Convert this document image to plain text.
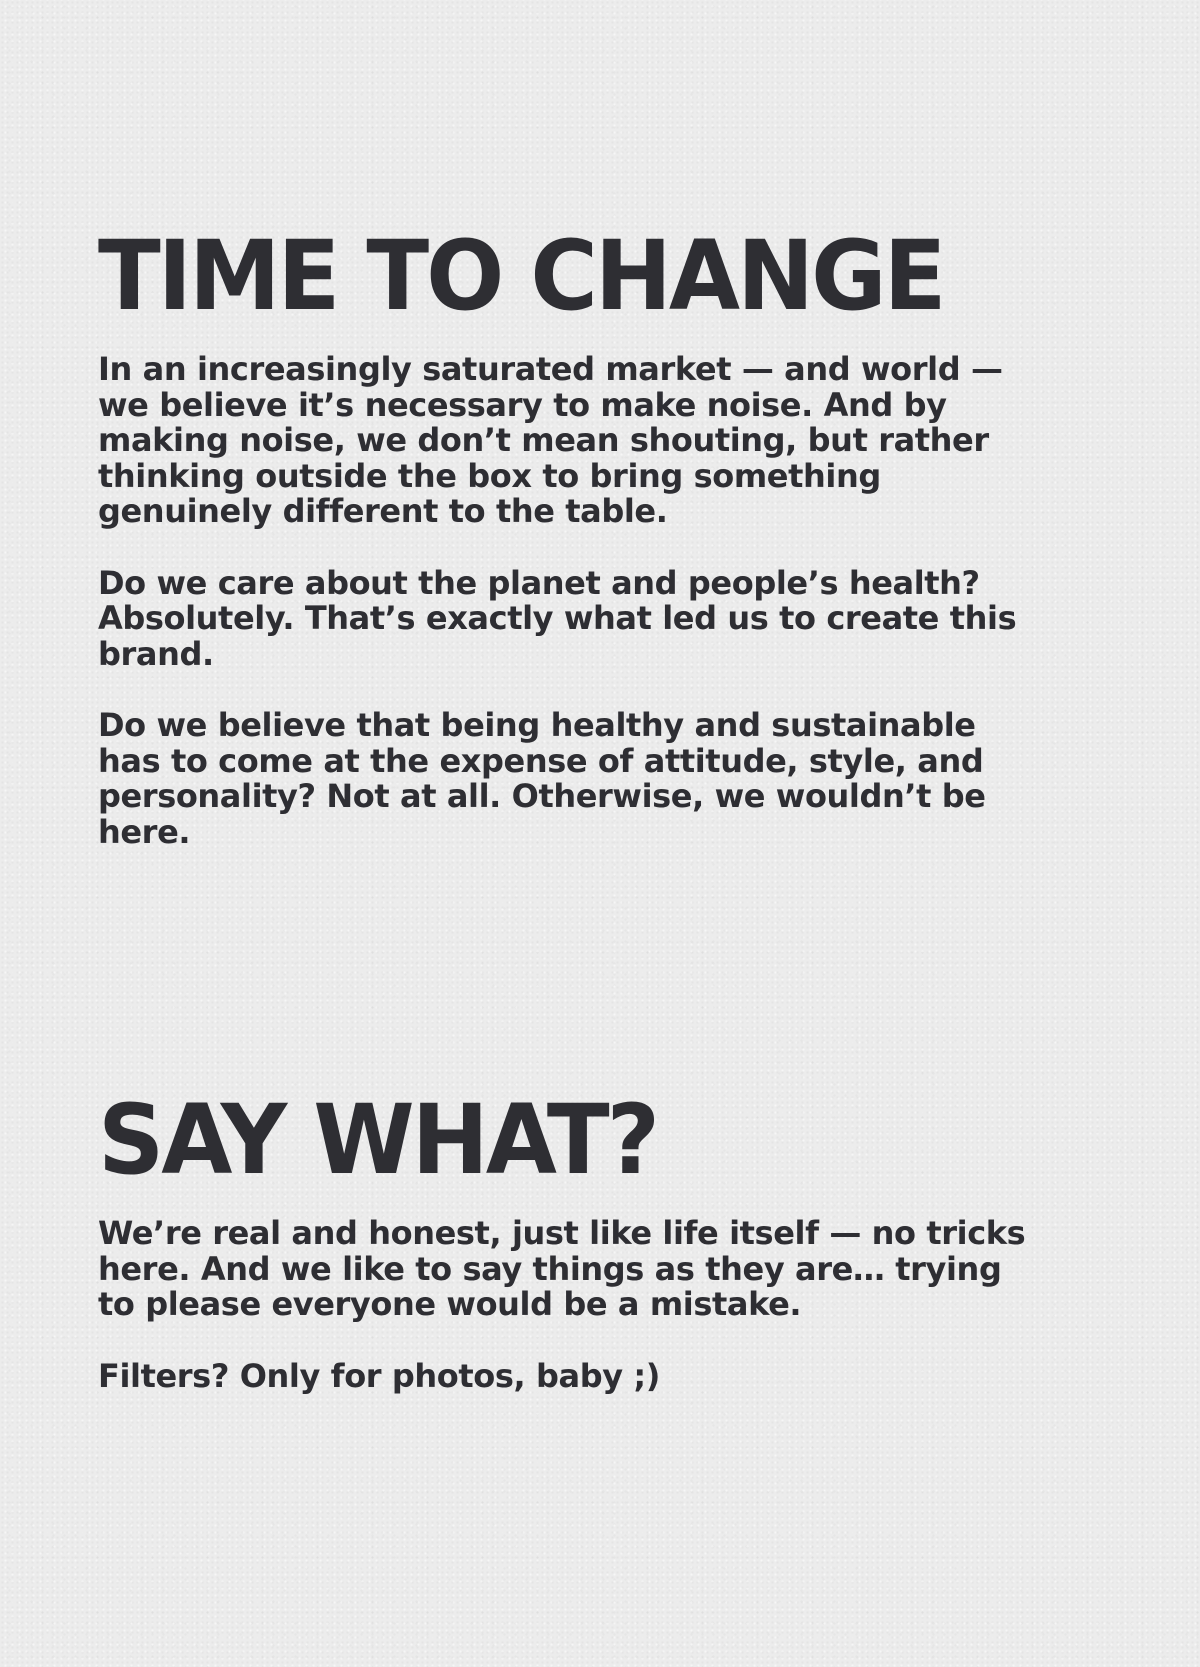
TIME TO CHANGE

In an increasingly saturated market — and world —
we believe it’s necessary to make noise. And by
making noise, we don’t mean shouting, but rather
thinking outside the box to bring something
genuinely different to the table.

Do we care about the planet and people’s health?
Absolutely. That’s exactly what led us to create this
brand.

Do we believe that being healthy and sustainable
has to come at the expense of attitude, style, and
personality? Not at all. Otherwise, we wouldn’t be
here.

SAY WHAT?

We’re real and honest, just like life itself — no tricks
here. And we like to say things as they are… trying
to please everyone would be a mistake.

Filters? Only for photos, baby ;)
